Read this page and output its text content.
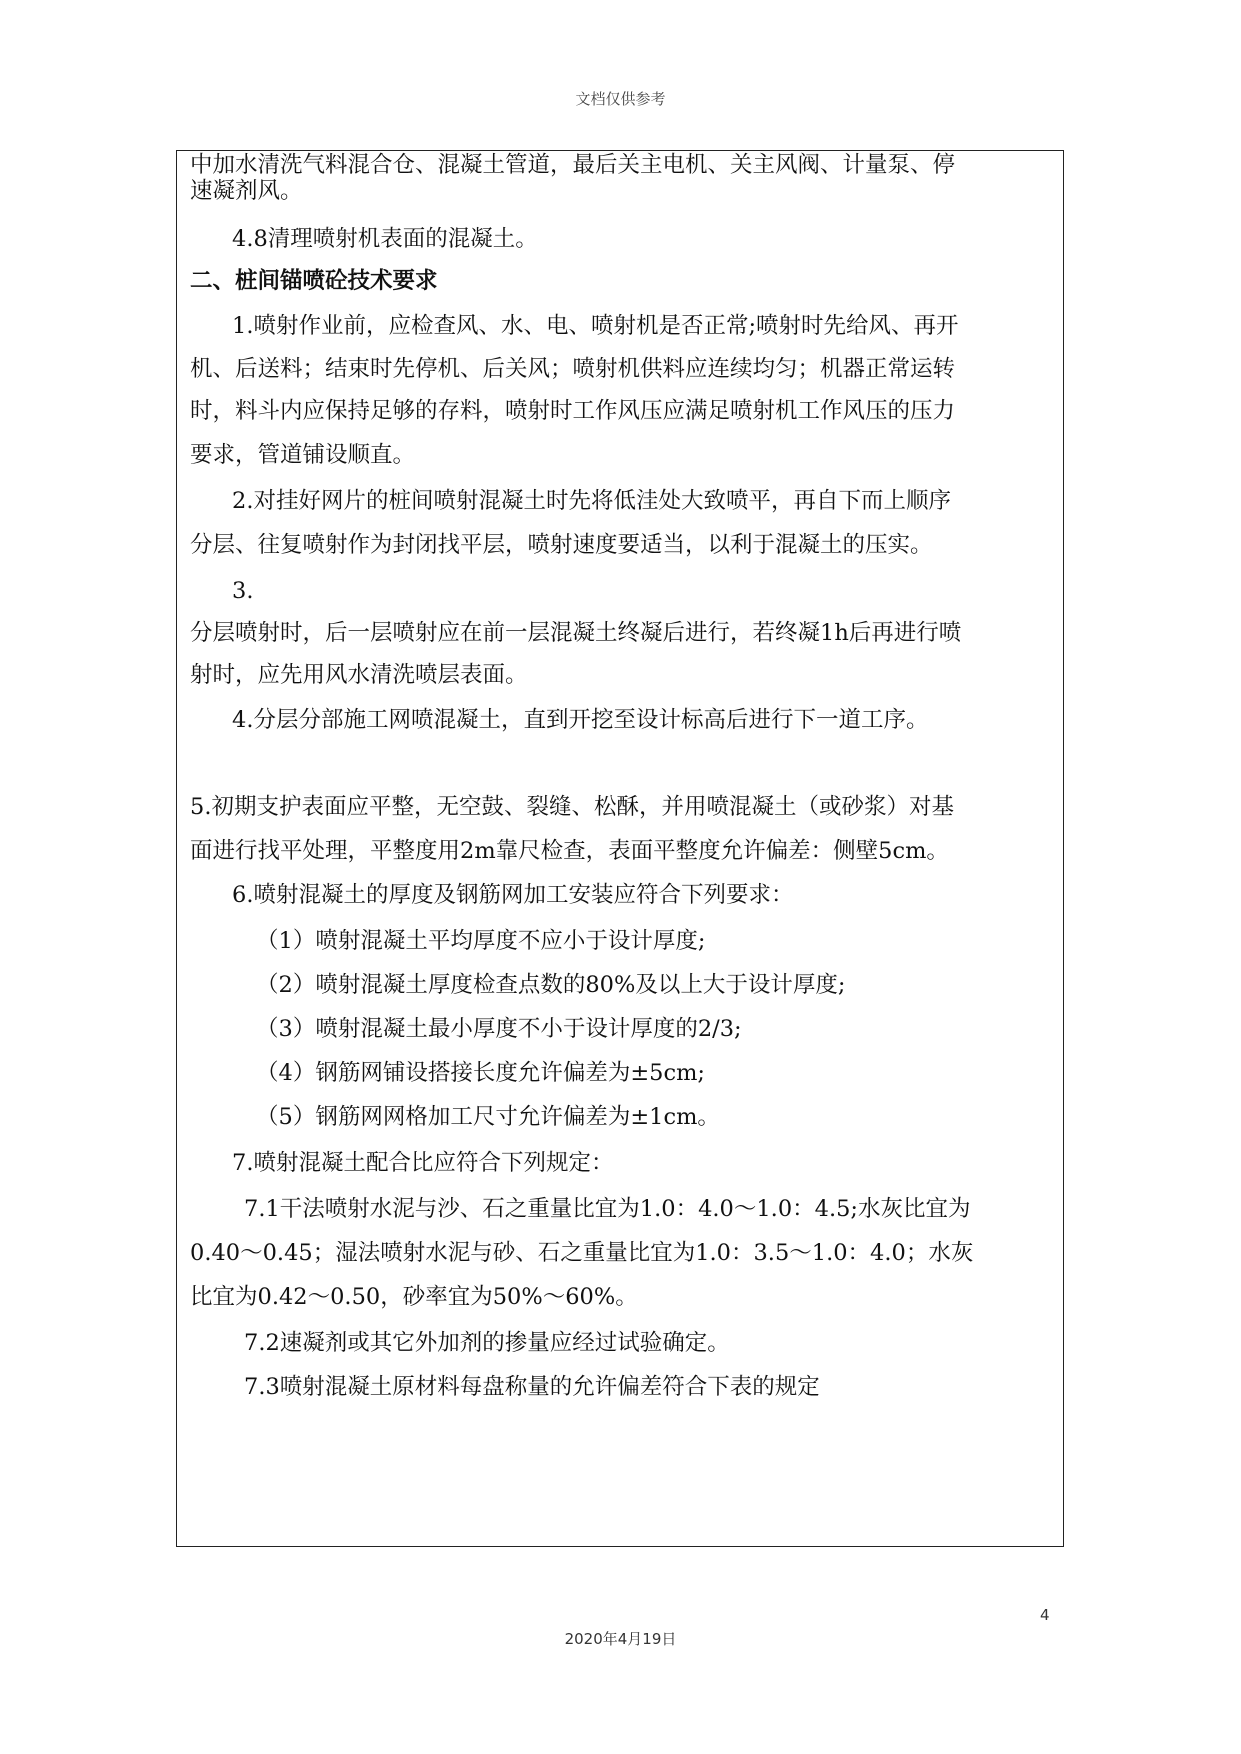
文档仅供参考
中加水清洗气料混合仓、混凝土管道，最后关主电机、关主风阀、计量泵、停
速凝剂风。
4.8清理喷射机表面的混凝土。
二、桩间锚喷砼技术要求
1.喷射作业前，应检查风、水、电、喷射机是否正常;喷射时先给风、再开
机、后送料；结束时先停机、后关风；喷射机供料应连续均匀；机器正常运转
时，料斗内应保持足够的存料，喷射时工作风压应满足喷射机工作风压的压力
要求，管道铺设顺直。
2.对挂好网片的桩间喷射混凝土时先将低洼处大致喷平，再自下而上顺序
分层、往复喷射作为封闭找平层，喷射速度要适当，以利于混凝土的压实。
3.
分层喷射时，后一层喷射应在前一层混凝土终凝后进行，若终凝1h后再进行喷
射时，应先用风水清洗喷层表面。
4.分层分部施工网喷混凝土，直到开挖至设计标高后进行下一道工序。
5.初期支护表面应平整，无空鼓、裂缝、松酥，并用喷混凝土（或砂浆）对基
面进行找平处理，平整度用2m靠尺检查，表面平整度允许偏差：侧壁5cm。
6.喷射混凝土的厚度及钢筋网加工安装应符合下列要求：
（1）喷射混凝土平均厚度不应小于设计厚度;
（2）喷射混凝土厚度检查点数的80%及以上大于设计厚度;
（3）喷射混凝土最小厚度不小于设计厚度的2/3;
（4）钢筋网铺设搭接长度允许偏差为±5cm;
（5）钢筋网网格加工尺寸允许偏差为±1cm。
7.喷射混凝土配合比应符合下列规定：
7.1干法喷射水泥与沙、石之重量比宜为1.0：4.0～1.0：4.5;水灰比宜为
0.40～0.45；湿法喷射水泥与砂、石之重量比宜为1.0：3.5～1.0：4.0；水灰
比宜为0.42～0.50，砂率宜为50%～60%。
7.2速凝剂或其它外加剂的掺量应经过试验确定。
7.3喷射混凝土原材料每盘称量的允许偏差符合下表的规定
4
2020年4月19日
